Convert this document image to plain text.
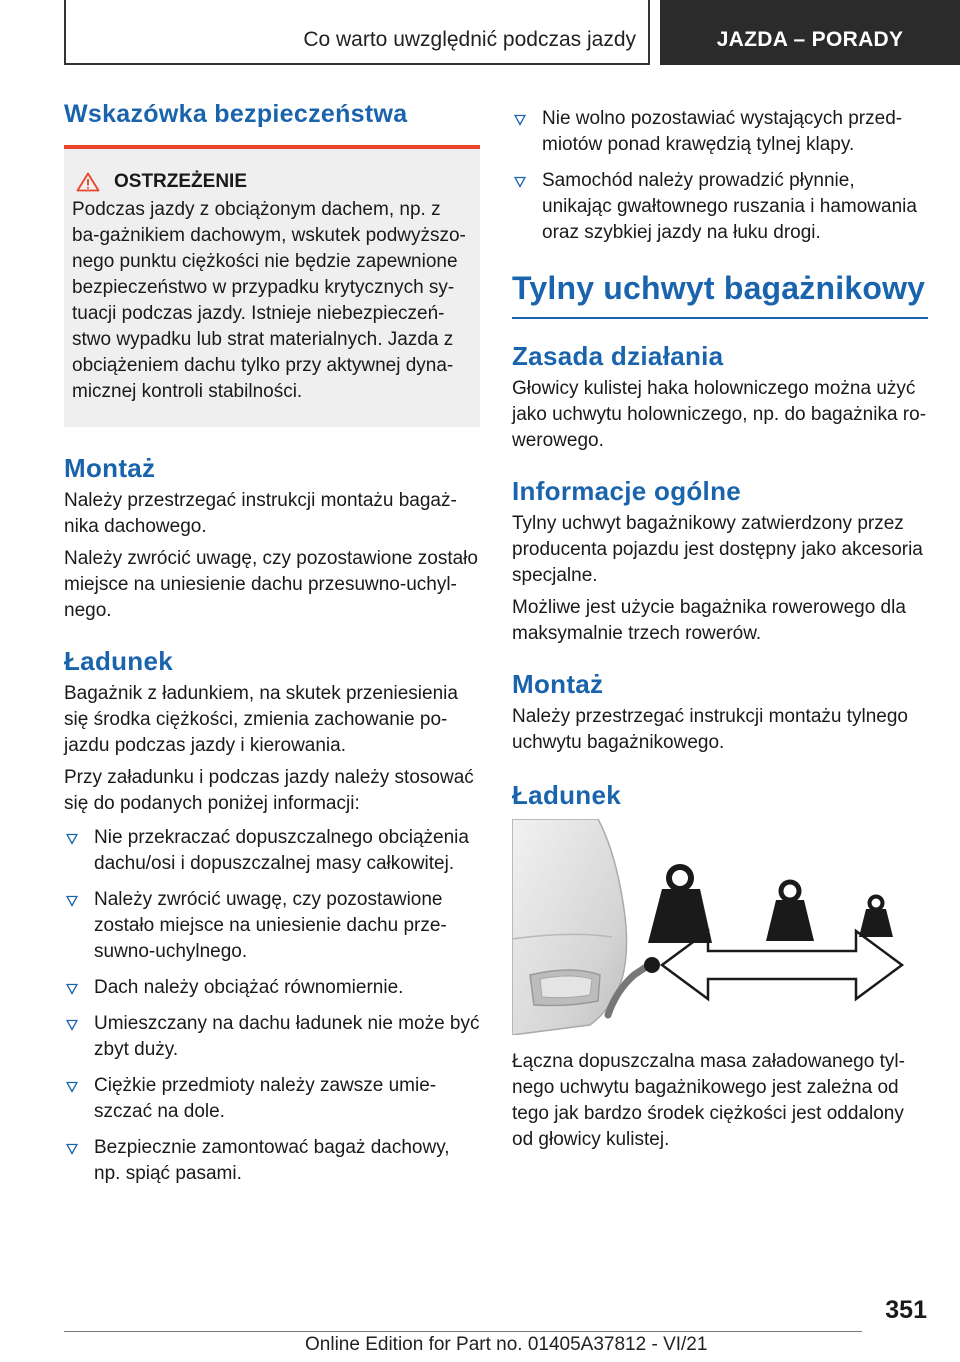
Co warto uwzględnić podczas jazdy	JAZDA – PORADY
Wskazówka bezpieczeństwa
OSTRZEŻENIE

Podczas jazdy z obciążonym dachem, np. z ba-gażnikiem dachowym, wskutek podwyższo-nego punktu ciężkości nie będzie zapewnione bezpieczeństwo w przypadku krytycznych sy-tuacji podczas jazdy. Istnieje niebezpieczeń-stwo wypadku lub strat materialnych. Jazda z obciążeniem dachu tylko przy aktywnej dyna-micznej kontroli stabilności.

Montaż

Należy przestrzegać instrukcji montażu bagaż-nika dachowego.

Należy zwrócić uwagę, czy pozostawione zostało miejsce na uniesienie dachu przesuwno-uchyl-nego.

Ładunek

Bagażnik z ładunkiem, na skutek przeniesienia się środka ciężkości, zmienia zachowanie po-jazdu podczas jazdy i kierowania.

Przy załadunku i podczas jazdy należy stosować się do podanych poniżej informacji:

Nie przekraczać dopuszczalnego obciążenia dachu/osi i dopuszczalnej masy całkowitej.
Należy zwrócić uwagę, czy pozostawione zostało miejsce na uniesienie dachu prze-suwno-uchylnego.
Dach należy obciążać równomiernie.
Umieszczany na dachu ładunek nie może być zbyt duży.
Ciężkie przedmioty należy zawsze umie-szczać na dole.
Bezpiecznie zamontować bagaż dachowy, np. spiąć pasami.
Nie wolno pozostawiać wystających przed-miotów ponad krawędzią tylnej klapy.
Samochód należy prowadzić płynnie, unikając gwałtownego ruszania i hamowania oraz szybkiej jazdy na łuku drogi.
Tylny uchwyt bagażnikowy
Zasada działania

Głowicy kulistej haka holowniczego można użyć jako uchwytu holowniczego, np. do bagażnika ro-werowego.

Informacje ogólne

Tylny uchwyt bagażnikowy zatwierdzony przez producenta pojazdu jest dostępny jako akcesoria specjalne.

Możliwe jest użycie bagażnika rowerowego dla maksymalnie trzech rowerów.

Montaż

Należy przestrzegać instrukcji montażu tylnego uchwytu bagażnikowego.

Ładunek

Łączna dopuszczalna masa załadowanego tyl-nego uchwytu bagażnikowego jest zależna od tego jak bardzo środek ciężkości jest oddalony od głowicy kulistej.

351
Online Edition for Part no. 01405A37812 - VI/21
